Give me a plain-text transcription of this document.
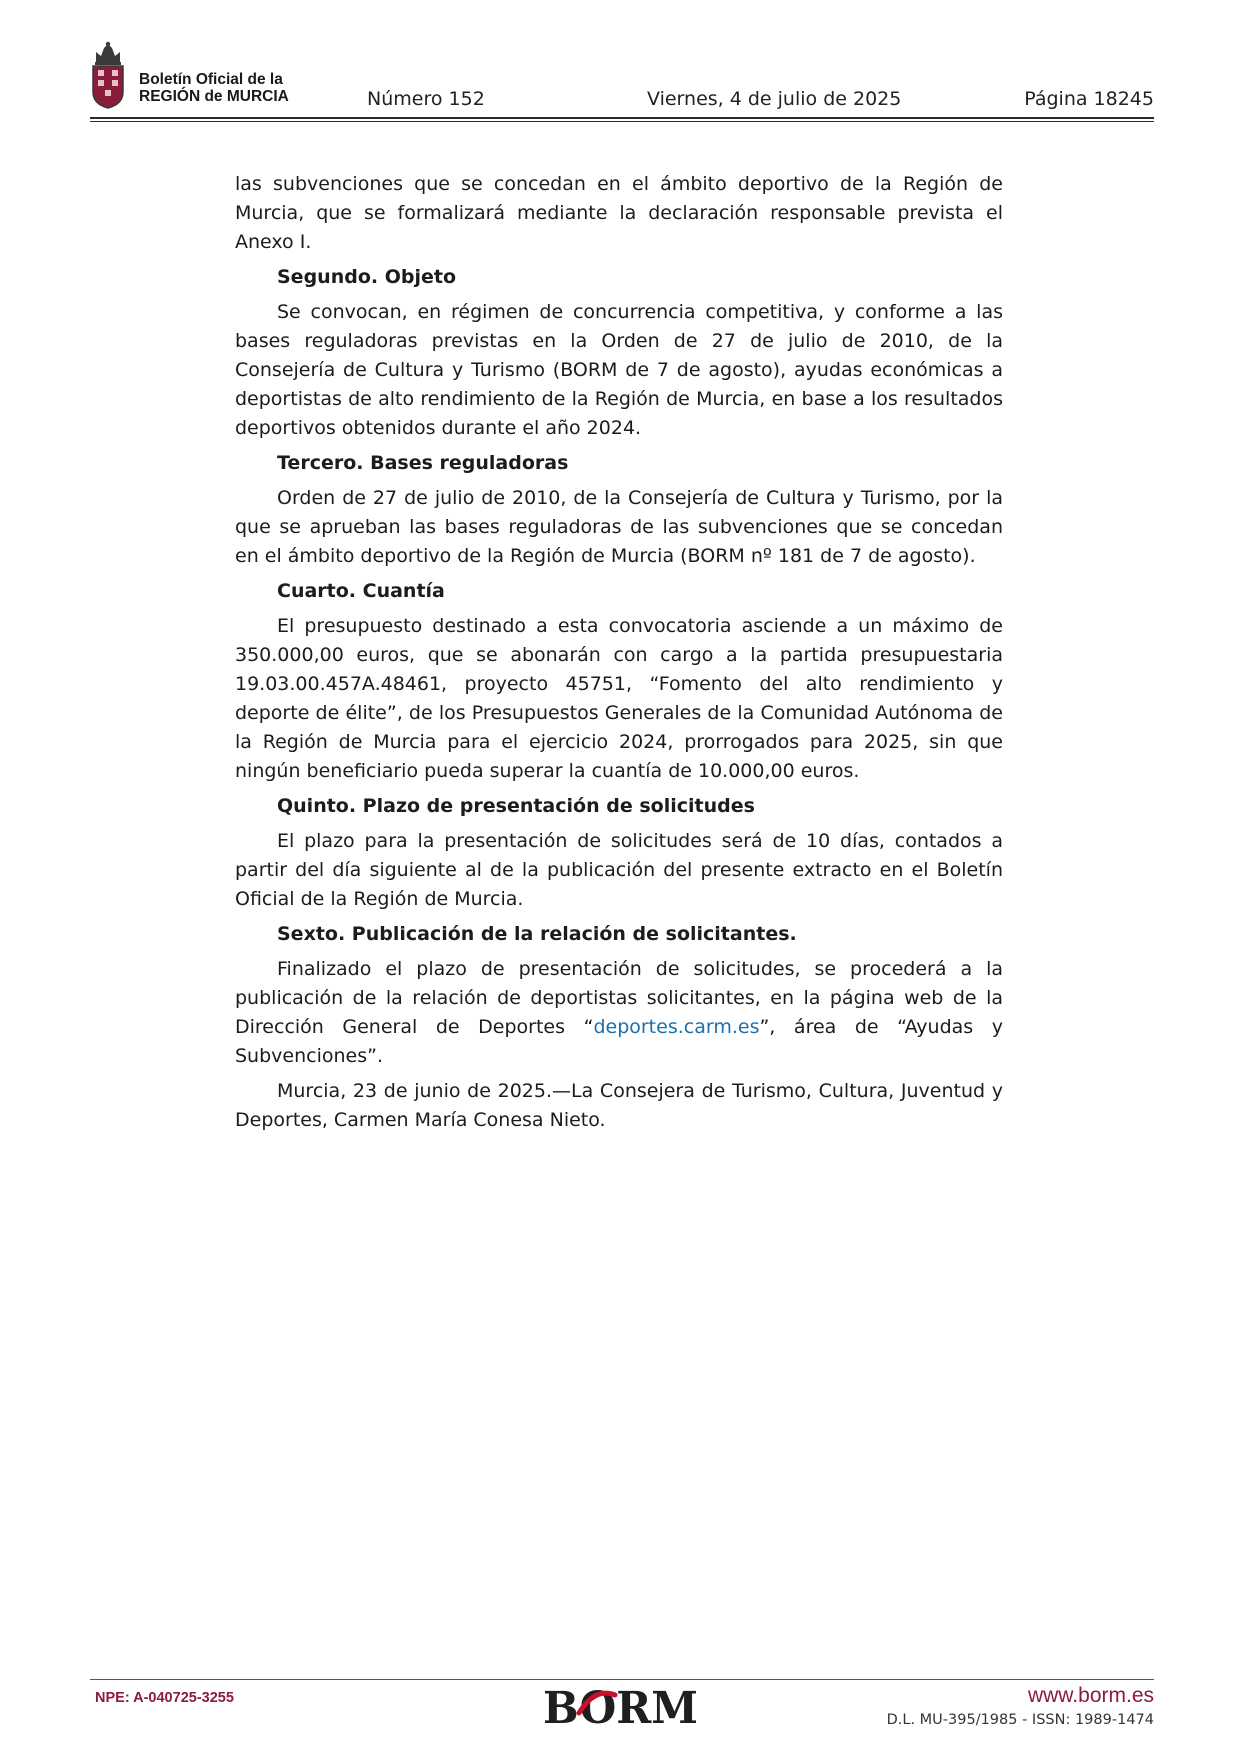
Boletín Oficial de la
REGIÓN de MURCIA	Número 152	Viernes, 4 de julio de 2025	Página 18245

las subvenciones que se concedan en el ámbito deportivo de la Región de Murcia, que se formalizará mediante la declaración responsable prevista el Anexo I.

Segundo. Objeto

Se convocan, en régimen de concurrencia competitiva, y conforme a las bases reguladoras previstas en la Orden de 27 de julio de 2010, de la Consejería de Cultura y Turismo (BORM de 7 de agosto), ayudas económicas a deportistas de alto rendimiento de la Región de Murcia, en base a los resultados deportivos obtenidos durante el año 2024.

Tercero. Bases reguladoras

Orden de 27 de julio de 2010, de la Consejería de Cultura y Turismo, por la que se aprueban las bases reguladoras de las subvenciones que se concedan en el ámbito deportivo de la Región de Murcia (BORM nº 181 de 7 de agosto).

Cuarto. Cuantía

El presupuesto destinado a esta convocatoria asciende a un máximo de 350.000,00 euros, que se abonarán con cargo a la partida presupuestaria 19.03.00.457A.48461, proyecto 45751, “Fomento del alto rendimiento y deporte de élite”, de los Presupuestos Generales de la Comunidad Autónoma de la Región de Murcia para el ejercicio 2024, prorrogados para 2025, sin que ningún beneficiario pueda superar la cuantía de 10.000,00 euros.

Quinto. Plazo de presentación de solicitudes

El plazo para la presentación de solicitudes será de 10 días, contados a partir del día siguiente al de la publicación del presente extracto en el Boletín Oficial de la Región de Murcia.

Sexto. Publicación de la relación de solicitantes.

Finalizado el plazo de presentación de solicitudes, se procederá a la publicación de la relación de deportistas solicitantes, en la página web de la Dirección General de Deportes “deportes.carm.es”, área de “Ayudas y Subvenciones”.

Murcia, 23 de junio de 2025.—La Consejera de Turismo, Cultura, Juventud y Deportes, Carmen María Conesa Nieto.

NPE: A-040725-3255	BORM	www.borm.es
D.L. MU-395/1985 - ISSN: 1989-1474
